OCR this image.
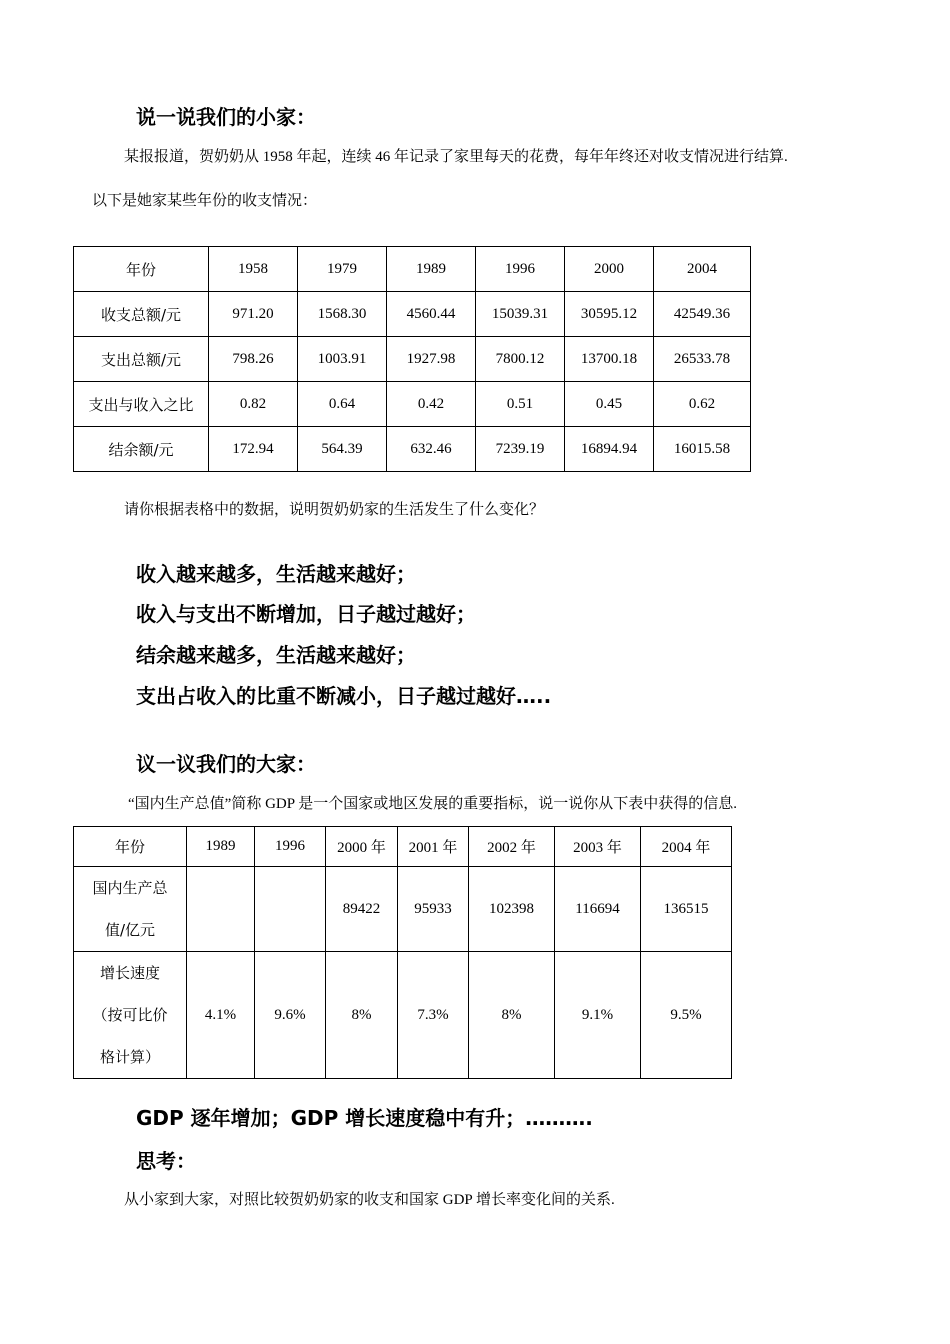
说一说我们的小家：
某报报道，贺奶奶从 1958 年起，连续 46 年记录了家里每天的花费，每年年终还对收支情况进行结算.
以下是她家某些年份的收支情况：
年份	1958	1979	1989	1996	2000	2004
收支总额/元	971.20	1568.30	4560.44	15039.31	30595.12	42549.36
支出总额/元	798.26	1003.91	1927.98	7800.12	13700.18	26533.78
支出与收入之比	0.82	0.64	0.42	0.51	0.45	0.62
结余额/元	172.94	564.39	632.46	7239.19	16894.94	16015.58
请你根据表格中的数据，说明贺奶奶家的生活发生了什么变化？
收入越来越多，生活越来越好；
收入与支出不断增加，日子越过越好；
结余越来越多，生活越来越好；
支出占收入的比重不断减小，日子越过越好…..
议一议我们的大家：
“国内生产总值”简称 GDP 是一个国家或地区发展的重要指标，说一说你从下表中获得的信息.
年份	1989	1996	2000 年	2001 年	2002 年	2003 年	2004 年

国内生产总
值/亿元			89422	95933	102398	116694	136515

增长速度
（按可比价
格计算）	4.1%	9.6%	8%	7.3%	8%	9.1%	9.5%
GDP 逐年增加；GDP 增长速度稳中有升；……….
思考：
从小家到大家，对照比较贺奶奶家的收支和国家 GDP 增长率变化间的关系.
